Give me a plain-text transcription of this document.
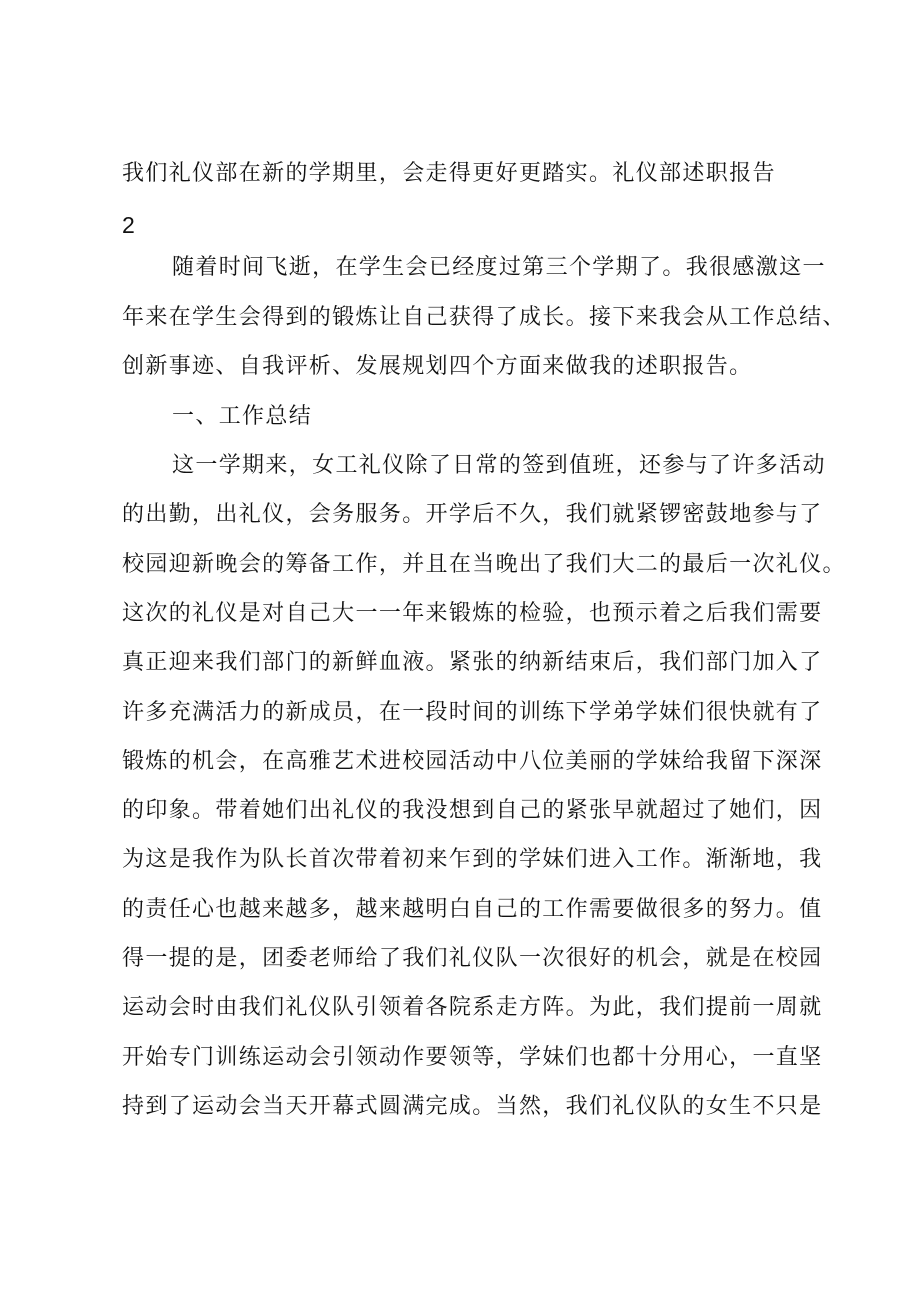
我们礼仪部在新的学期里，会走得更好更踏实。礼仪部述职报告
2
随着时间飞逝，在学生会已经度过第三个学期了。我很感激这一
年来在学生会得到的锻炼让自己获得了成长。接下来我会从工作总结、
创新事迹、自我评析、发展规划四个方面来做我的述职报告。
一、工作总结
这一学期来，女工礼仪除了日常的签到值班，还参与了许多活动
的出勤，出礼仪，会务服务。开学后不久，我们就紧锣密鼓地参与了
校园迎新晚会的筹备工作，并且在当晚出了我们大二的最后一次礼仪。
这次的礼仪是对自己大一一年来锻炼的检验，也预示着之后我们需要
真正迎来我们部门的新鲜血液。紧张的纳新结束后，我们部门加入了
许多充满活力的新成员，在一段时间的训练下学弟学妹们很快就有了
锻炼的机会，在高雅艺术进校园活动中八位美丽的学妹给我留下深深
的印象。带着她们出礼仪的我没想到自己的紧张早就超过了她们，因
为这是我作为队长首次带着初来乍到的学妹们进入工作。渐渐地，我
的责任心也越来越多，越来越明白自己的工作需要做很多的努力。值
得一提的是，团委老师给了我们礼仪队一次很好的机会，就是在校园
运动会时由我们礼仪队引领着各院系走方阵。为此，我们提前一周就
开始专门训练运动会引领动作要领等，学妹们也都十分用心，一直坚
持到了运动会当天开幕式圆满完成。当然，我们礼仪队的女生不只是
